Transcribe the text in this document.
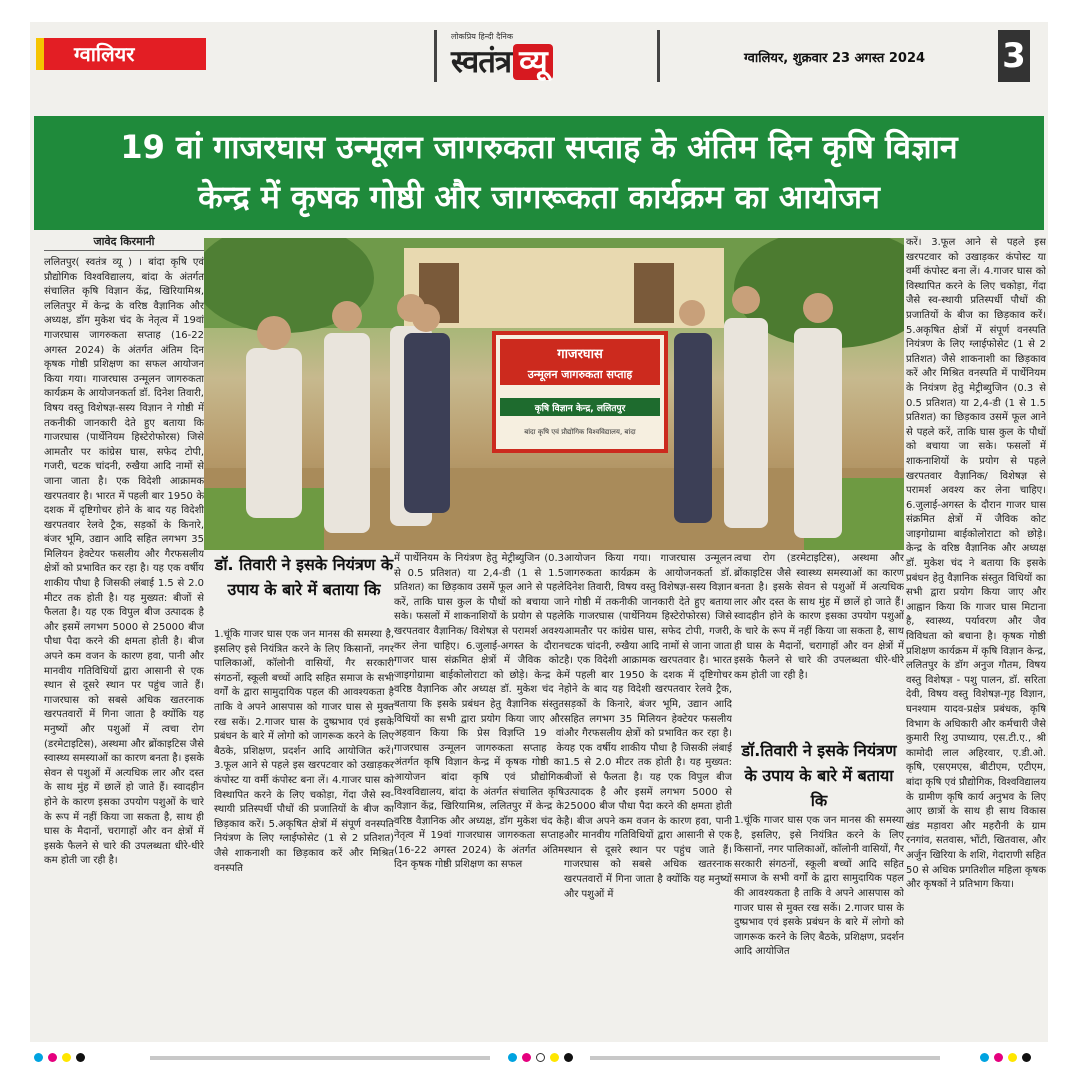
ग्वालियर
लोकप्रिय हिन्दी दैनिक
स्वतंत्र व्यू	ग्वालियर, शुक्रवार 23 अगस्त 2024 3
19 वां गाजरघास उन्मूलन जागरुकता सप्ताह के अंतिम दिन कृषि विज्ञान
केन्द्र में कृषक गोष्ठी और जागरूकता कार्यक्रम का आयोजन
जावेद किरमानी
ललितपुर( स्वतंत्र व्यू ) । बांदा कृषि एवं प्रौद्योगिक विश्वविद्यालय, बांदा के अंतर्गत संचालित कृषि विज्ञान केंद्र, खिरियामिश्र, ललितपुर में केन्द्र के वरिष्ठ वैज्ञानिक और अध्यक्ष, डॉग मुकेश चंद के नेतृत्व में 19वां गाजरघास जागरुकता सप्ताह (16-22 अगस्त 2024) के अंतर्गत अंतिम दिन कृषक गोष्ठी प्रशिक्षण का सफल आयोजन किया गया। गाजरघास उन्मूलन जागरुकता कार्यक्रम के आयोजनकर्ता डॉ. दिनेश तिवारी, विषय वस्तु विशेषज्ञ-सस्य विज्ञान ने गोष्ठी में तकनीकी जानकारी देते हुए बताया कि गाजरघास (पार्थेनियम हिस्टेरोफोरस) जिसे आमतौर पर कांग्रेस घास, सफेद टोपी, गजरी, चटक चांदनी, रुखैया आदि नामों से जाना जाता है। एक विदेशी आक्रामक खरपतवार है। भारत में पहली बार 1950 के दशक में दृष्टिगोचर होने के बाद यह विदेशी खरपतवार रेलवे ट्रैक, सड़कों के किनारे, बंजर भूमि, उद्यान आदि सहित लगभग 35 मिलियन हेक्टेयर फसलीय और गैरफसलीय क्षेत्रों को प्रभावित कर रहा है। यह एक वर्षीय शाकीय पौधा है जिसकी लंबाई 1.5 से 2.0 मीटर तक होती है। यह मुख्यत: बीजों से फैलता है। यह एक विपुल बीज उत्पादक है और इसमें लगभग 5000 से 25000 बीज पौधा पैदा करने की क्षमता होती है। बीज अपने कम वजन के कारण हवा, पानी और मानवीय गतिविधियों द्वारा आसानी से एक स्थान से दूसरे स्थान पर पहुंच जाते हैं।गाजरघास को सबसे अधिक खतरनाक खरपतवारों में गिना जाता है क्योंकि यह मनुष्यों और पशुओं में त्वचा रोग (डरमेटाइटिस), अस्थमा और ब्रोंकाइटिस जैसे स्वास्थ्य समस्याओं का कारण बनता है। इसके सेवन से पशुओं में अत्यधिक लार और दस्त के साथ मुंह में छालें हो जाते हैं। स्वादहीन होने के कारण इसका उपयोग पशुओं के चारे के रूप में नहीं किया जा सकता है, साथ ही घास के मैदानों, चरागाहों और वन क्षेत्रों में इसके फैलने से चारे की उपलब्धता धीरे-धीरे कम होती जा रही है।
गाजरघास
उन्मूलन जागरुकता सप्ताह
कृषि विज्ञान केन्द्र, ललितपुर
बांदा कृषि एवं प्रौद्योगिक विश्वविद्यालय, बांदा
डॉ. तिवारी ने इसके नियंत्रण के उपाय के बारे में बताया कि
1.चूंकि गाजर घास एक जन मानस की समस्या है, इसलिए इसे नियंत्रित करने के लिए किसानों, नगर पालिकाओं, कॉलोनी वासियों, गैर सरकारी संगठनों, स्कूली बच्चों आदि सहित समाज के सभी वर्गों के द्वारा सामुदायिक पहल की आवश्यकता है ताकि वे अपने आसपास को गाजर घास से मुक्त रख सकें। 2.गाजर घास के दुष्प्रभाव एवं इसके प्रबंधन के बारे में लोगो को जागरूक करने के लिए बैठके, प्रशिक्षण, प्रदर्शन आदि आयोजित करें। 3.फूल आने से पहले इस खरपटवार को उखाड़कर कंपोस्ट या वर्मी कंपोस्ट बना लें। 4.गाजर घास को विस्थापित करने के लिए चकोड़ा, गेंदा जैसे स्व-स्थायी प्रतिस्पर्धी पौधों की प्रजातियों के बीज का छिड़काव करें। 5.अकृषित क्षेत्रों में संपूर्ण वनस्पति नियंत्रण के लिए ग्लाईफोसेट (1 से 2 प्रतिशत) जैसे शाकनाशी का छिड़काव करें और मिश्रित वनस्पति
में पार्थेनियम के नियंत्रण हेतु मेट्रीब्युजिन (0.3 से 0.5 प्रतिशत) या 2,4-डी (1 से 1.5 प्रतिशत) का छिड़काव उसमें फूल आने से पहले करें, ताकि घास कुल के पौधों को बचाया जा सके। फसलों में शाकनाशियों के प्रयोग से पहले खरपतवार वैज्ञानिक/ विशेषज्ञ से परामर्श अवश्य कर लेना चाहिए। 6.जुलाई-अगस्त के दौरान गाजर घास संक्रमित क्षेत्रों में जैविक कोट जाइगोग्रामा बाईकोलोराटा को छोड़े। केन्द्र के वरिष्ठ वैज्ञानिक और अध्यक्ष डॉ. मुकेश चंद ने बताया कि इसके प्रबंधन हेतु वैज्ञानिक संस्तुत विधियों का सभी द्वारा प्रयोग किया जाए और अहवान किया कि प्रेस विज्ञप्ति 19 वां गाजरघास उन्मूलन जागरुकता सप्ताह के अंतर्गत कृषि विज्ञान केन्द्र में कृषक गोष्ठी का आयोजन बांदा कृषि एवं प्रौद्योगिक विश्वविद्यालय, बांदा के अंतर्गत संचालित कृषि विज्ञान केंद्र, खिरियामिश्र, ललितपुर में केन्द्र के वरिष्ठ वैज्ञानिक और अध्यक्ष, डॉग मुकेश चंद के नेतृत्व में 19वां गाजरघास जागरुकता सप्ताह (16-22 अगस्त 2024) के अंतर्गत अंतिम दिन कृषक गोष्ठी प्रशिक्षण का सफल
आयोजन किया गया। गाजरघास उन्मूलन जागरुकता कार्यक्रम के आयोजनकर्ता डॉ. दिनेश तिवारी, विषय वस्तु विशेषज्ञ-सस्य विज्ञान ने गोष्ठी में तकनीकी जानकारी देते हुए बताया कि गाजरघास (पार्थेनियम हिस्टेरोफोरस) जिसे आमतौर पर कांग्रेस घास, सफेद टोपी, गजरी, चटक चांदनी, रुखैया आदि नामों से जाना जाता है। एक विदेशी आक्रामक खरपतवार है। भारत में पहली बार 1950 के दशक में दृष्टिगोचर होने के बाद यह विदेशी खरपतवार रेलवे ट्रैक, सड़कों के किनारे, बंजर भूमि, उद्यान आदि सहित लगभग 35 मिलियन हेक्टेयर फसलीय और गैरफसलीय क्षेत्रों को प्रभावित कर रहा है। यह एक वर्षीय शाकीय पौधा है जिसकी लंबाई 1.5 से 2.0 मीटर तक होती है। यह मुख्यत: बीजों से फैलता है। यह एक विपुल बीज उत्पादक है और इसमें लगभग 5000 से 25000 बीज पौधा पैदा करने की क्षमता होती है। बीज अपने कम वजन के कारण हवा, पानी और मानवीय गतिविधियों द्वारा आसानी से एक स्थान से दूसरे स्थान पर पहुंच जाते हैं। गाजरघास को सबसे अधिक खतरनाक खरपतवारों में गिना जाता है क्योंकि यह मनुष्यों और पशुओं में
त्वचा रोग (डरमेटाइटिस), अस्थमा और ब्रोंकाइटिस जैसे स्वास्थ्य समस्याओं का कारण बनता है। इसके सेवन से पशुओं में अत्यधिक लार और दस्त के साथ मुंह में छालें हो जाते हैं। स्वादहीन होने के कारण इसका उपयोग पशुओं के चारे के रूप में नहीं किया जा सकता है, साथ ही घास के मैदानों, चरागाहों और वन क्षेत्रों में इसके फैलने से चारे की उपलब्धता धीरे-धीरे कम होती जा रही है।
डॉ.तिवारी ने इसके नियंत्रण के उपाय के बारे में बताया कि
1.चूंकि गाजर घास एक जन मानस की समस्या है, इसलिए, इसे नियंत्रित करने के लिए किसानों, नगर पालिकाओं, कॉलोनी वासियों, गैर सरकारी संगठनों, स्कूली बच्चों आदि सहित समाज के सभी वर्गों के द्वारा सामुदायिक पहल की आवश्यकता है ताकि वे अपने आसपास को गाजर घास से मुक्त रख सकें। 2.गाजर घास के दुष्प्रभाव एवं इसके प्रबंधन के बारे में लोगो को जागरूक करने के लिए बैठके, प्रशिक्षण, प्रदर्शन आदि आयोजित
करें। 3.फूल आने से पहले इस खरपटवार को उखाड़कर कंपोस्ट या वर्मी कंपोस्ट बना लें। 4.गाजर घास को विस्थापित करने के लिए चकोड़ा, गेंदा जैसे स्व-स्थायी प्रतिस्पर्धी पौधों की प्रजातियों के बीज का छिड़काव करें। 5.अकृषित क्षेत्रों में संपूर्ण वनस्पति नियंत्रण के लिए ग्लाईफोसेट (1 से 2 प्रतिशत) जैसे शाकनाशी का छिड़काव करें और मिश्रित वनस्पति में पार्थेनियम के नियंत्रण हेतु मेट्रीब्युजिन (0.3 से 0.5 प्रतिशत) या 2,4-डी (1 से 1.5 प्रतिशत) का छिड़काव उसमें फूल आने से पहले करें, ताकि घास कुल के पौधों को बचाया जा सके। फसलों में शाकनाशियों के प्रयोग से पहले खरपतवार वैज्ञानिक/ विशेषज्ञ से परामर्श अवश्य कर लेना चाहिए। 6.जुलाई-अगस्त के दौरान गाजर घास संक्रमित क्षेत्रों में जैविक कोट जाइगोग्रामा बाईकोलोराटा को छोड़े। केन्द्र के वरिष्ठ वैज्ञानिक और अध्यक्ष डॉ. मुकेश चंद ने बताया कि इसके प्रबंधन हेतु वैज्ञानिक संस्तुत विधियों का सभी द्वारा प्रयोग किया जाए और आह्वान किया कि गाजर घास मिटाना है, स्वास्थ्य, पर्यावरण और जैव विविधता को बचाना है। कृषक गोष्ठी प्रशिक्षण कार्यक्रम में कृषि विज्ञान केन्द्र, ललितपुर के डॉग अनुज गौतम, विषय वस्तु विशेषज्ञ - पशु पालन, डॉ. सरिता देवी, विषय वस्तु विशेषज्ञ-गृह विज्ञान, घनश्याम यादव-प्रक्षेत्र प्रबंधक, कृषि विभाग के अधिकारी और कर्मचारी जैसे कुमारी रिशु उपाध्याय, एस.टी.ए., श्री कामोदी लाल अहिरवार, ए.डी.ओ. कृषि, एसएमएस, बीटीएम, एटीएम, बांदा कृषि एवं प्रौद्योगिक, विश्वविद्यालय के ग्रामीण कृषि कार्य अनुभव के लिए आए छात्रों के साथ ही साथ विकास खंड मड़ावरा और महरौनी के ग्राम रनगांव, सतवास, भोंटी, खितवास, और अर्जुन खिरिया के शशि, गेदाराणी सहित 50 से अधिक प्रगतिशील महिला कृषक और कृषकों ने प्रतिभाग किया।
